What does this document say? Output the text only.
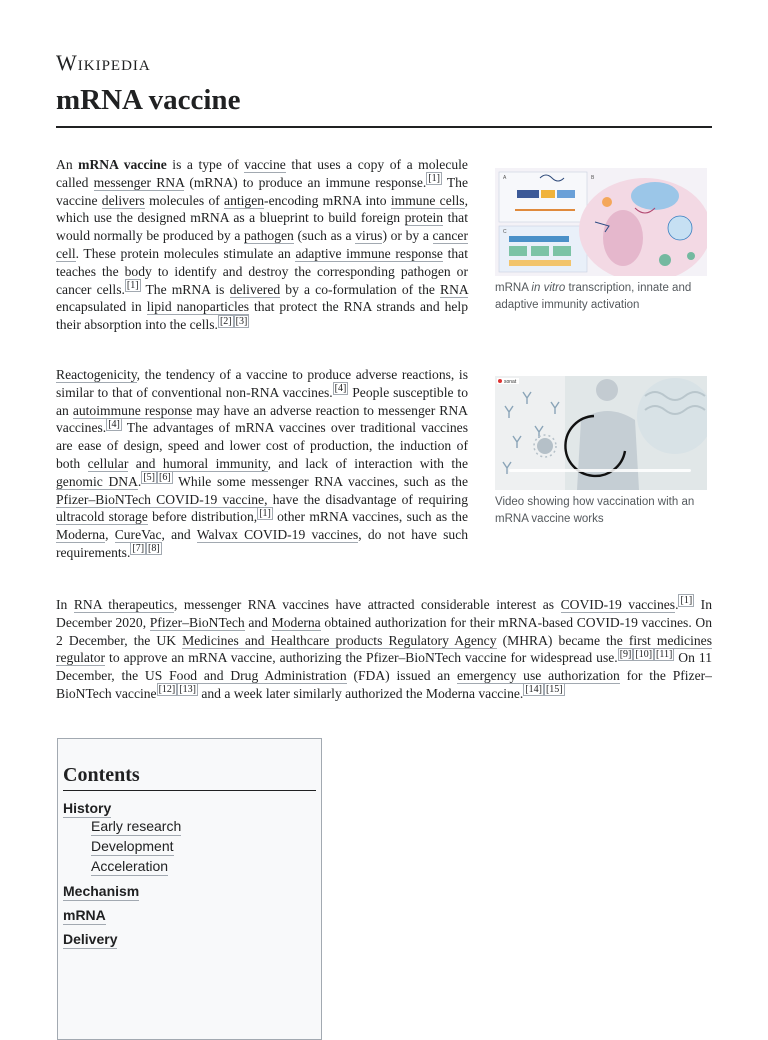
Wikipedia
mRNA vaccine

An mRNA vaccine is a type of vaccine that uses a copy of a molecule called messenger RNA (mRNA) to produce an immune response. [1] The vaccine delivers molecules of antigen-encoding mRNA into immune cells, which use the designed mRNA as a blueprint to build foreign protein that would normally be produced by a pathogen (such as a virus) or by a cancer cell. These protein molecules stimulate an adaptive immune response that teaches the body to identify and destroy the corresponding pathogen or cancer cells. [1] The mRNA is delivered by a co-formulation of the RNA encapsulated in lipid nanoparticles that protect the RNA strands and help their absorption into the cells. [2] [3]

A
C
B
mRNA in vitro transcription, innate and adaptive immunity activation

Reactogenicity, the tendency of a vaccine to produce adverse reactions, is similar to that of conventional non-RNA vaccines. [4] People susceptible to an autoimmune response may have an adverse reaction to messenger RNA vaccines. [4] The advantages of mRNA vaccines over traditional vaccines are ease of design, speed and lower cost of production, the induction of both cellular and humoral immunity, and lack of interaction with the genomic DNA. [5] [6] While some messenger RNA vaccines, such as the Pfizer–BioNTech COVID-19 vaccine, have the disadvantage of requiring ultracold storage before distribution, [1] other mRNA vaccines, such as the Moderna, CureVac, and Walvax COVID-19 vaccines, do not have such requirements. [7] [8]

sonat
Video showing how vaccination with an mRNA vaccine works

In RNA therapeutics, messenger RNA vaccines have attracted considerable interest as COVID-19 vaccines. [1] In December 2020, Pfizer–BioNTech and Moderna obtained authorization for their mRNA-based COVID-19 vaccines. On 2 December, the UK Medicines and Healthcare products Regulatory Agency (MHRA) became the first medicines regulator to approve an mRNA vaccine, authorizing the Pfizer–BioNTech vaccine for widespread use. [9] [10] [11] On 11 December, the US Food and Drug Administration (FDA) issued an emergency use authorization for the Pfizer–BioNTech vaccine [12] [13] and a week later similarly authorized the Moderna vaccine. [14] [15]

Contents
History
Early research
Development
Acceleration
Mechanism
mRNA
Delivery
